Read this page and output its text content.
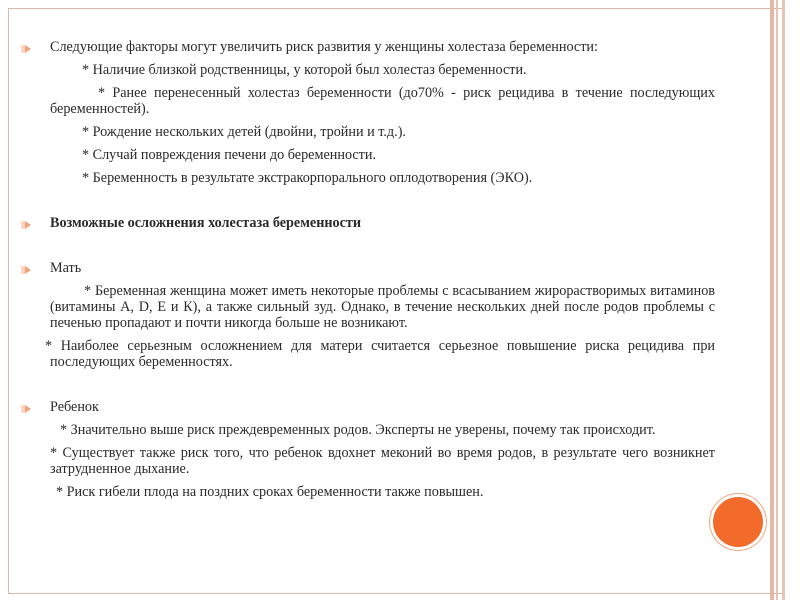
Следующие факторы могут увеличить риск развития у женщины холестаза беременности:
* Наличие близкой родственницы, у которой был холестаз беременности.
* Ранее перенесенный холестаз беременности (до70% - риск рецидива в течение последующих беременностей).
* Рождение нескольких детей (двойни, тройни и т.д.).
* Случай повреждения печени до беременности.
* Беременность в результате экстракорпорального оплодотворения (ЭКО).
Возможные осложнения холестаза беременности
Мать
* Беременная женщина может иметь некоторые проблемы с всасыванием жирорастворимых витаминов (витамины А, D, Е и К), а также сильный зуд. Однако, в течение нескольких дней после родов проблемы с печенью пропадают и почти никогда больше не возникают.
* Наиболее серьезным осложнением для матери считается серьезное повышение риска рецидива при последующих беременностях.
Ребенок
* Значительно выше риск преждевременных родов. Эксперты не уверены, почему так происходит.
* Существует также риск того, что ребенок вдохнет меконий во время родов, в результате чего возникнет затрудненное дыхание.
* Риск гибели плода на поздних сроках беременности также повышен.
